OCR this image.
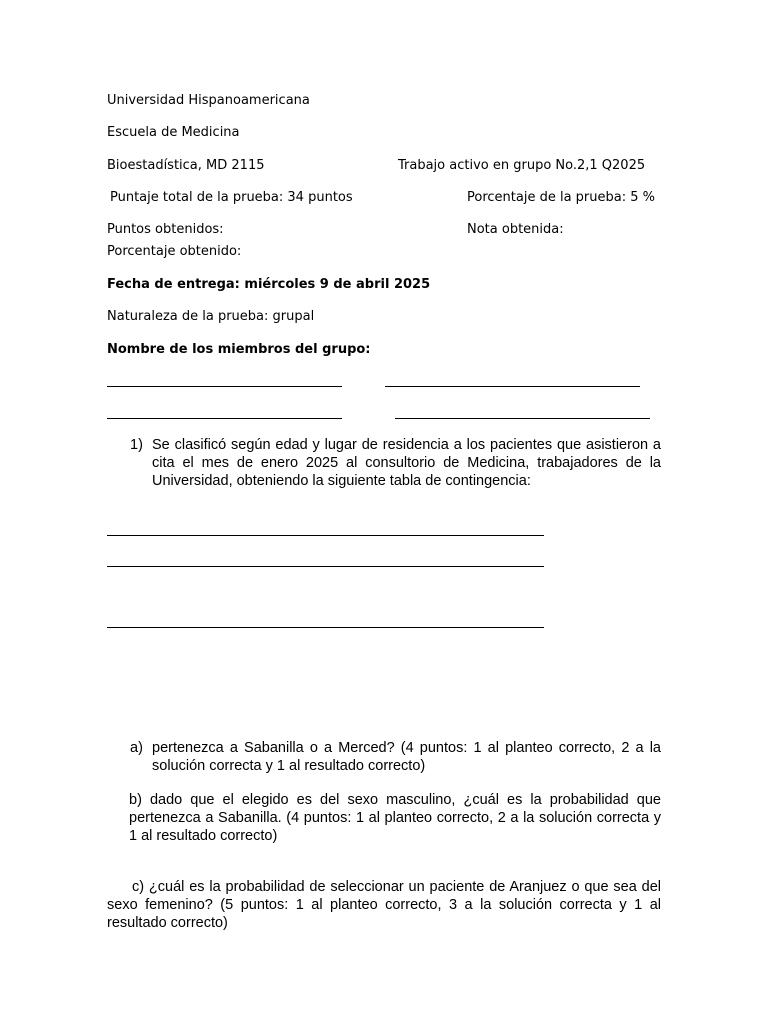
Universidad Hispanoamericana
Escuela de Medicina
Bioestadística, MD 2115	Trabajo activo en grupo No.2,1 Q2025
Puntaje total de la prueba: 34 puntos	Porcentaje de la prueba: 5 %
Puntos obtenidos:	Nota obtenida:
Porcentaje obtenido:
Fecha de entrega: miércoles 9 de abril 2025
Naturaleza de la prueba: grupal
Nombre de los miembros del grupo:
1) Se clasificó según edad y lugar de residencia a los pacientes que asistieron a cita el mes de enero 2025 al consultorio de Medicina, trabajadores de la Universidad, obteniendo la siguiente tabla de contingencia:
a) pertenezca a Sabanilla o a Merced? (4 puntos: 1 al planteo correcto, 2 a la solución correcta y 1 al resultado correcto)
b) dado que el elegido es del sexo masculino, ¿cuál es la probabilidad que pertenezca a Sabanilla. (4 puntos: 1 al planteo correcto, 2 a la solución correcta y 1 al resultado correcto)
c) ¿cuál es la probabilidad de seleccionar un paciente de Aranjuez o que sea del sexo femenino? (5 puntos: 1 al planteo correcto, 3 a la solución correcta y 1 al resultado correcto)
